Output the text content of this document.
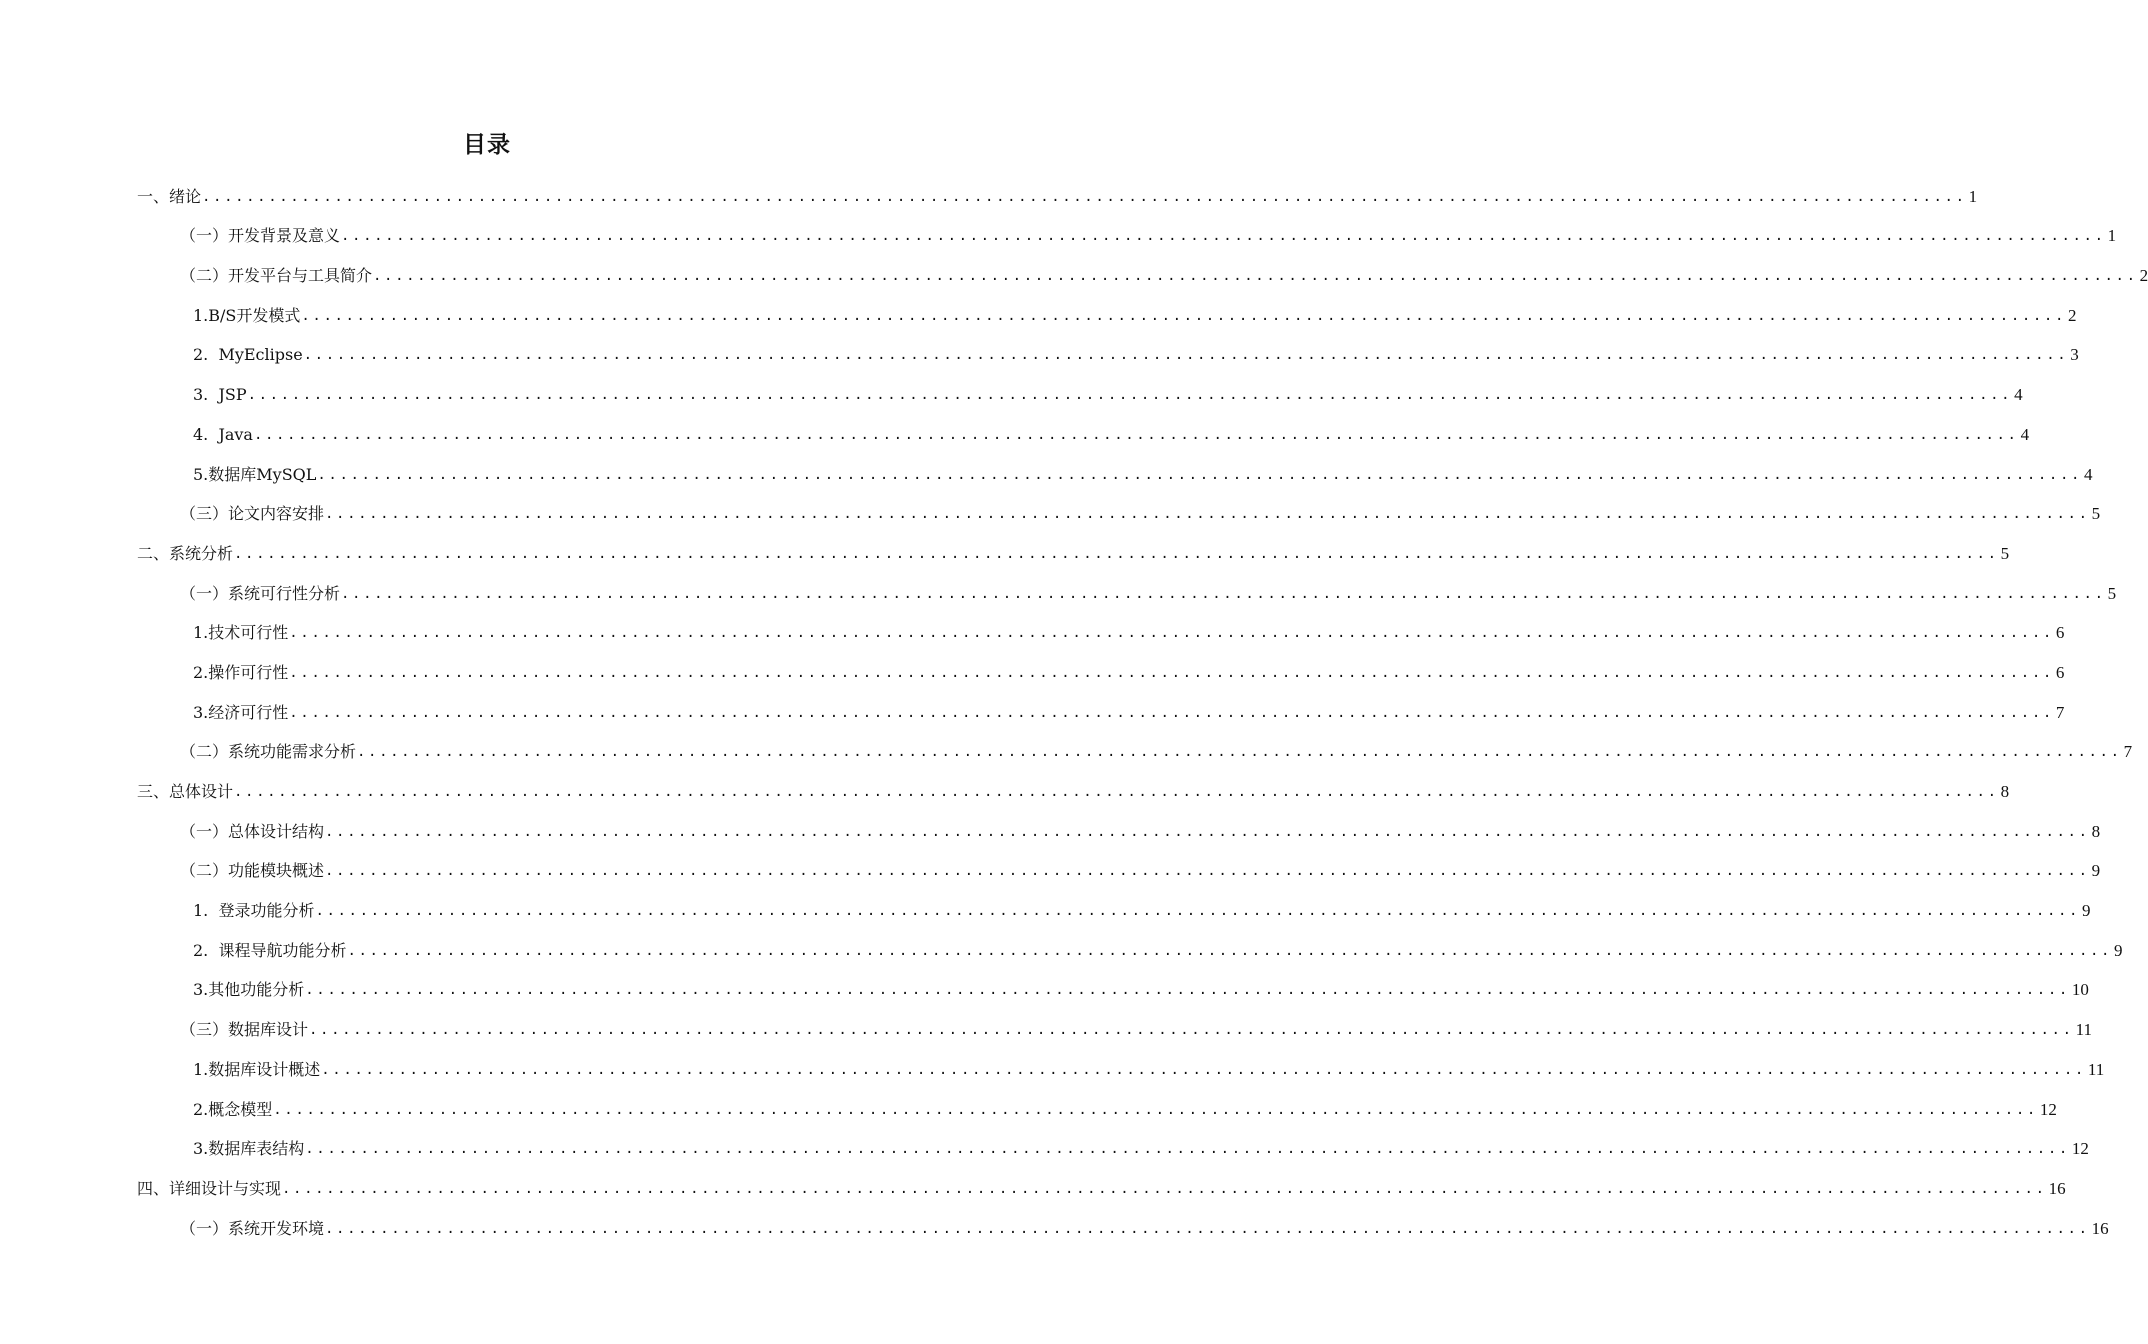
目录
一、绪论 ................................................................................................................................................................ 1
（一）开发背景及意义 ................................................................................................................................................................ 1
（二）开发平台与工具简介 ................................................................................................................................................................ 2
1.B/S开发模式 ................................................................................................................................................................ 2
2.  MyEclipse ................................................................................................................................................................ 3
3.  JSP ................................................................................................................................................................ 4
4.  Java ................................................................................................................................................................ 4
5.数据库MySQL ................................................................................................................................................................ 4
（三）论文内容安排 ................................................................................................................................................................ 5
二、系统分析 ................................................................................................................................................................ 5
（一）系统可行性分析 ................................................................................................................................................................ 5
1.技术可行性 ................................................................................................................................................................ 6
2.操作可行性 ................................................................................................................................................................ 6
3.经济可行性 ................................................................................................................................................................ 7
（二）系统功能需求分析 ................................................................................................................................................................ 7
三、总体设计 ................................................................................................................................................................ 8
（一）总体设计结构 ................................................................................................................................................................ 8
（二）功能模块概述 ................................................................................................................................................................ 9
1.  登录功能分析 ................................................................................................................................................................ 9
2.  课程导航功能分析 ................................................................................................................................................................ 9
3.其他功能分析 ................................................................................................................................................................ 10
（三）数据库设计 ................................................................................................................................................................ 11
1.数据库设计概述 ................................................................................................................................................................ 11
2.概念模型 ................................................................................................................................................................ 12
3.数据库表结构 ................................................................................................................................................................ 12
四、详细设计与实现 ................................................................................................................................................................ 16
（一）系统开发环境 ................................................................................................................................................................ 16
